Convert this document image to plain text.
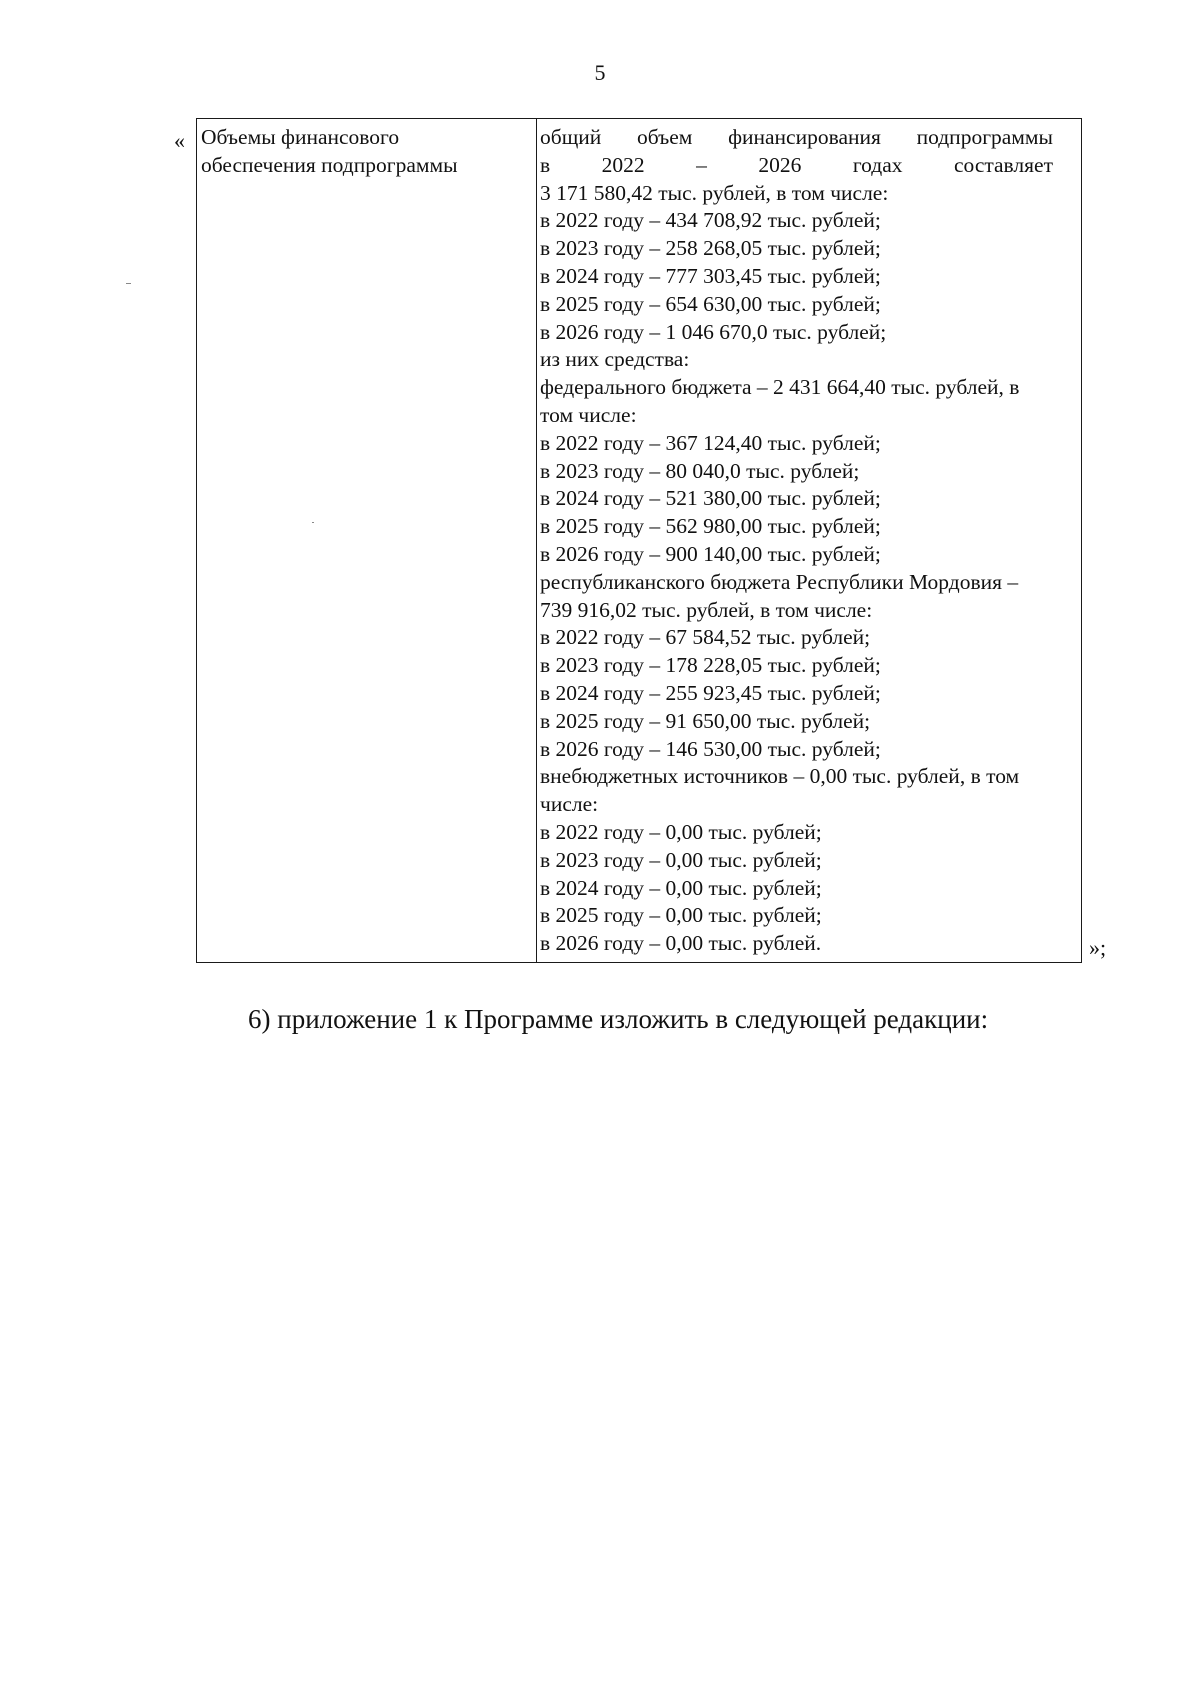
5
« Объемы финансового
обеспечения подпрограммы
общий объем финансирования подпрограммы
в 2022 – 2026 годах составляет
3 171 580,42 тыс. рублей, в том числе:
в 2022 году – 434 708,92 тыс. рублей;
в 2023 году – 258 268,05 тыс. рублей;
в 2024 году – 777 303,45 тыс. рублей;
в 2025 году – 654 630,00 тыс. рублей;
в 2026 году – 1 046 670,0 тыс. рублей;
из них средства:
федерального бюджета – 2 431 664,40 тыс. рублей, в
том числе:
в 2022 году – 367 124,40 тыс. рублей;
в 2023 году – 80 040,0 тыс. рублей;
в 2024 году – 521 380,00 тыс. рублей;
в 2025 году – 562 980,00 тыс. рублей;
в 2026 году – 900 140,00 тыс. рублей;
республиканского бюджета Республики Мордовия –
739 916,02 тыс. рублей, в том числе:
в 2022 году – 67 584,52 тыс. рублей;
в 2023 году – 178 228,05 тыс. рублей;
в 2024 году – 255 923,45 тыс. рублей;
в 2025 году – 91 650,00 тыс. рублей;
в 2026 году – 146 530,00 тыс. рублей;
внебюджетных источников – 0,00 тыс. рублей, в том
числе:
в 2022 году – 0,00 тыс. рублей;
в 2023 году – 0,00 тыс. рублей;
в 2024 году – 0,00 тыс. рублей;
в 2025 году – 0,00 тыс. рублей;
в 2026 году – 0,00 тыс. рублей.	»;
6) приложение 1 к Программе изложить в следующей редакции:
